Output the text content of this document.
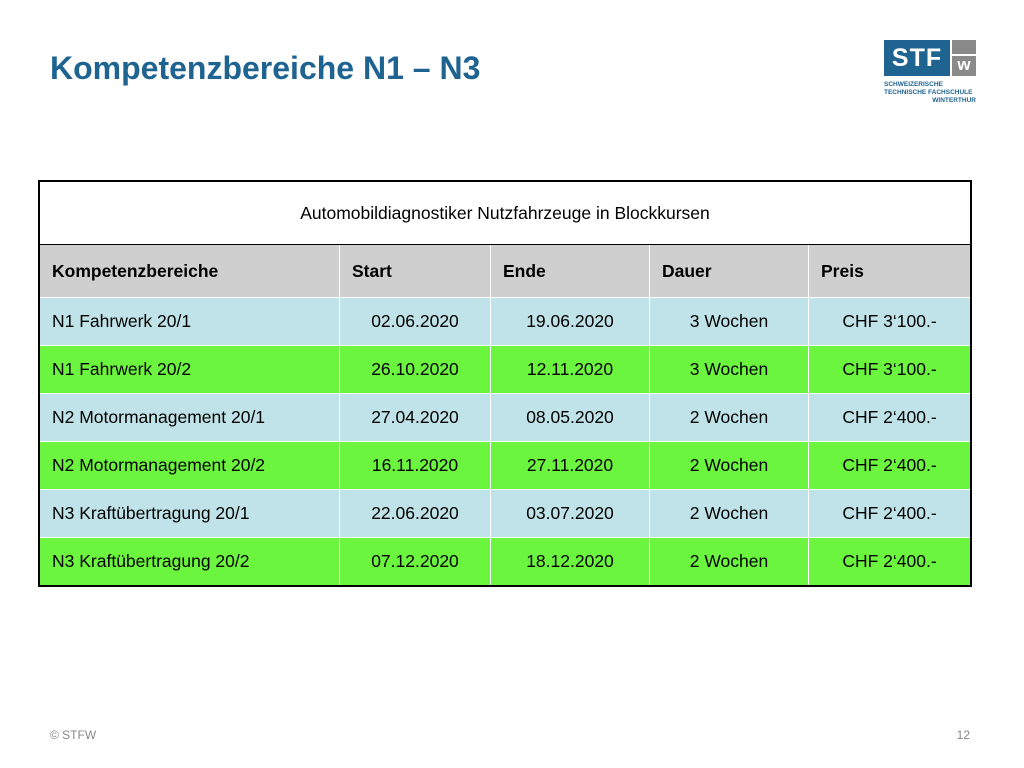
Kompetenzbereiche N1 – N3	STF w
SCHWEIZERISCHE
TECHNISCHE FACHSCHULE
WINTERTHUR
Automobildiagnostiker Nutzfahrzeuge in Blockkursen				
Kompetenzbereiche	Start	Ende	Dauer	Preis
N1 Fahrwerk 20/1	02.06.2020	19.06.2020	3 Wochen	CHF 3‘100.-
N1 Fahrwerk 20/2	26.10.2020	12.11.2020	3 Wochen	CHF 3‘100.-
N2 Motormanagement 20/1	27.04.2020	08.05.2020	2 Wochen	CHF 2‘400.-
N2 Motormanagement 20/2	16.11.2020	27.11.2020	2 Wochen	CHF 2‘400.-
N3 Kraftübertragung 20/1	22.06.2020	03.07.2020	2 Wochen	CHF 2‘400.-
N3 Kraftübertragung 20/2	07.12.2020	18.12.2020	2 Wochen	CHF 2‘400.-
© STFW	12
